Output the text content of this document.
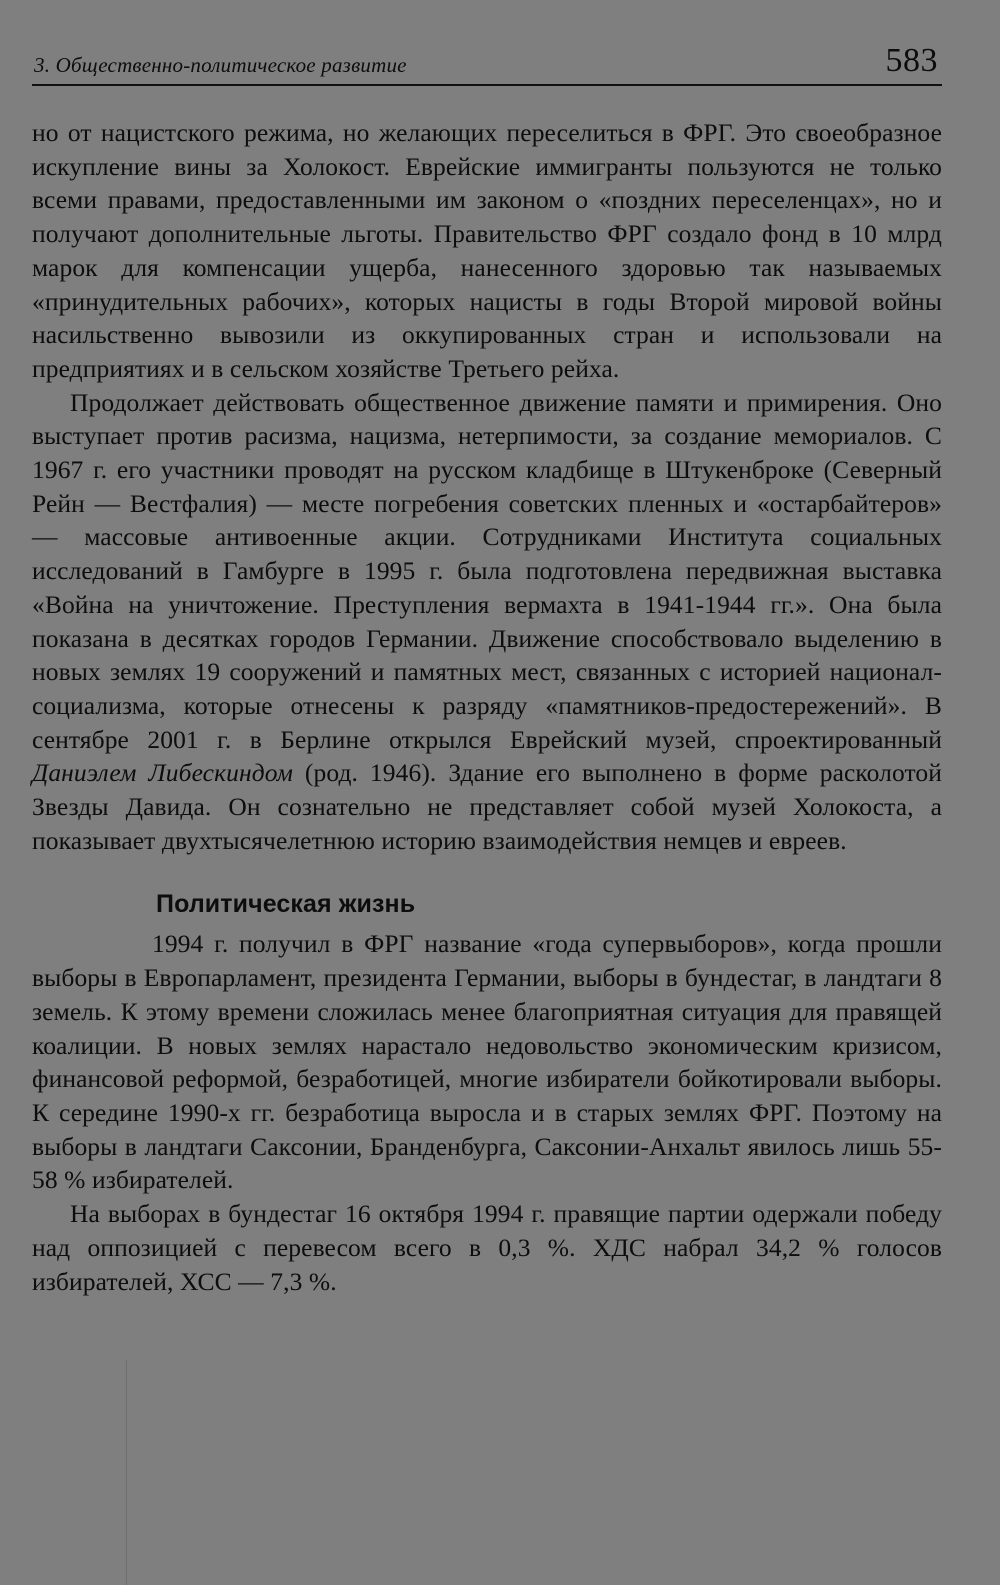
3. Общественно-политическое развитие	583

но от нацистского режима, но желающих переселиться в ФРГ. Это своеобразное искупление вины за Холокост. Еврейские иммигранты пользуются не только всеми правами, предоставленными им законом о «поздних переселенцах», но и получают дополнительные льготы. Правительство ФРГ создало фонд в 10 млрд марок для компенсации ущерба, нанесенного здоровью так называемых «принудительных рабочих», которых нацисты в годы Второй мировой войны насильственно вывозили из оккупированных стран и использовали на предприятиях и в сельском хозяйстве Третьего рейха.

Продолжает действовать общественное движение памяти и примирения. Оно выступает против расизма, нацизма, нетерпимости, за создание мемориалов. С 1967 г. его участники проводят на русском кладбище в Штукенброке (Северный Рейн — Вестфалия) — месте погребения советских пленных и «остарбайтеров» — массовые антивоенные акции. Сотрудниками Института социальных исследований в Гамбурге в 1995 г. была подготовлена передвижная выставка «Война на уничтожение. Преступления вермахта в 1941-1944 гг.». Она была показана в десятках городов Германии. Движение способствовало выделению в новых землях 19 сооружений и памятных мест, связанных с историей национал-социализма, которые отнесены к разряду «памятников-предостережений». В сентябре 2001 г. в Берлине открылся Еврейский музей, спроектированный Даниэлем Либескиндом (род. 1946). Здание его выполнено в форме расколотой Звезды Давида. Он сознательно не представляет собой музей Холокоста, а показывает двухтысячелетнюю историю взаимодействия немцев и евреев.

Политическая жизнь

1994 г. получил в ФРГ название «года супервыборов», когда прошли выборы в Европарламент, президента Германии, выборы в бундестаг, в ландтаги 8 земель. К этому времени сложилась менее благоприятная ситуация для правящей коалиции. В новых землях нарастало недовольство экономическим кризисом, финансовой реформой, безработицей, многие избиратели бойкотировали выборы. К середине 1990-х гг. безработица выросла и в старых землях ФРГ. Поэтому на выборы в ландтаги Саксонии, Бранденбурга, Саксонии-Анхальт явилось лишь 55-58 % избирателей.

На выборах в бундестаг 16 октября 1994 г. правящие партии одержали победу над оппозицией с перевесом всего в 0,3 %. ХДС набрал 34,2 % голосов избирателей, ХСС — 7,3 %.
